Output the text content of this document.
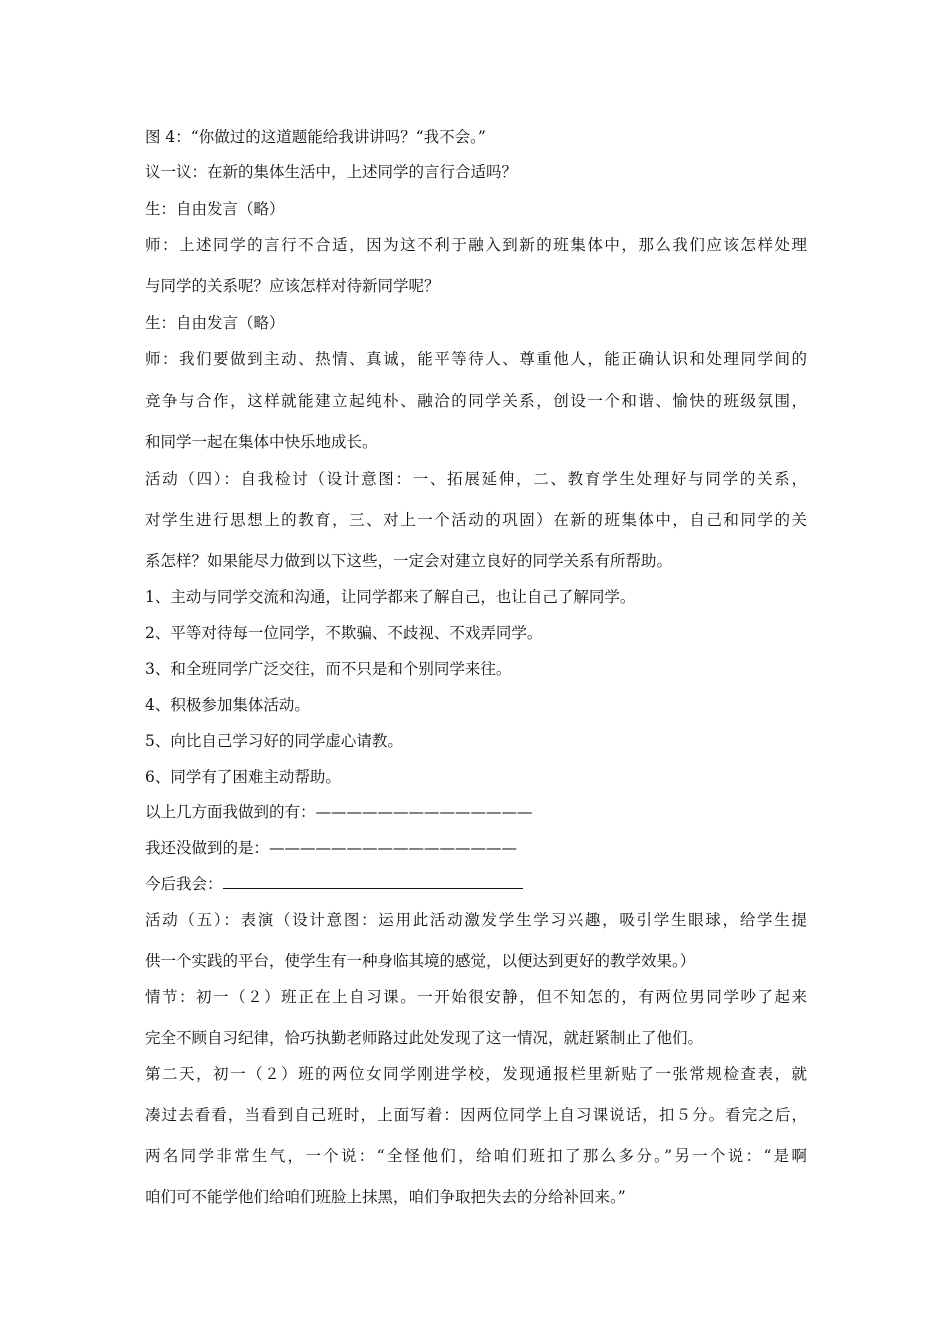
图 4：“你做过的这道题能给我讲讲吗？“我不会。”

议一议：在新的集体生活中，上述同学的言行合适吗？

生：自由发言（略）

师：上述同学的言行不合适，因为这不利于融入到新的班集体中，那么我们应该怎样处理

与同学的关系呢？应该怎样对待新同学呢？

生：自由发言（略）

师：我们要做到主动、热情、真诚，能平等待人、尊重他人，能正确认识和处理同学间的

竞争与合作，这样就能建立起纯朴、融洽的同学关系，创设一个和谐、愉快的班级氛围，

和同学一起在集体中快乐地成长。

活动（四）：自我检讨（设计意图：一、拓展延伸，二、教育学生处理好与同学的关系，

对学生进行思想上的教育，三、对上一个活动的巩固）在新的班集体中，自己和同学的关

系怎样？如果能尽力做到以下这些，一定会对建立良好的同学关系有所帮助。

1、主动与同学交流和沟通，让同学都来了解自己，也让自己了解同学。

2、平等对待每一位同学，不欺骗、不歧视、不戏弄同学。

3、和全班同学广泛交往，而不只是和个别同学来往。

4、积极参加集体活动。

5、向比自己学习好的同学虚心请教。

6、同学有了困难主动帮助。

以上几方面我做到的有：——————————————

我还没做到的是：————————————————

今后我会：

活动（五）：表演（设计意图：运用此活动激发学生学习兴趣，吸引学生眼球，给学生提

供一个实践的平台，使学生有一种身临其境的感觉，以便达到更好的教学效果。）

情节：初一（２）班正在上自习课。一开始很安静，但不知怎的，有两位男同学吵了起来

完全不顾自习纪律，恰巧执勤老师路过此处发现了这一情况，就赶紧制止了他们。

第二天，初一（２）班的两位女同学刚进学校，发现通报栏里新贴了一张常规检查表，就

凑过去看看，当看到自己班时，上面写着：因两位同学上自习课说话，扣５分。看完之后，

两名同学非常生气，一个说：“全怪他们，给咱们班扣了那么多分。”另一个说：“是啊

咱们可不能学他们给咱们班脸上抹黑，咱们争取把失去的分给补回来。”
